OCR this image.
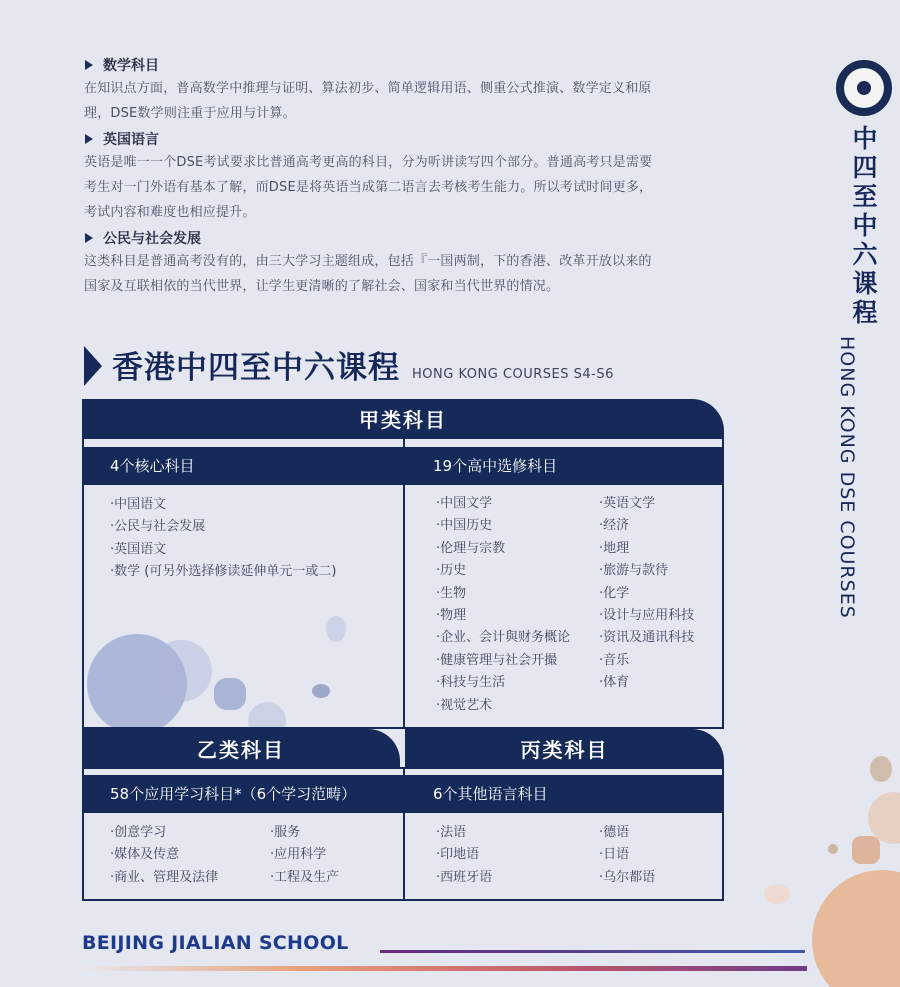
数学科目
在知识点方面，普高数学中推理与证明、算法初步、简单逻辑用语、侧重公式推演、数学定义和原
理，DSE数学则注重于应用与计算。
英国语言
英语是唯一一个DSE考试要求比普通高考更高的科目，分为听讲读写四个部分。普通高考只是需要
考生对一门外语有基本了解，而DSE是将英语当成第二语言去考核考生能力。所以考试时间更多，
考试内容和难度也相应提升。
公民与社会发展
这类科目是普通高考没有的，由三大学习主题组成，包括『一国两制，下的香港、改革开放以来的
国家及互联相依的当代世界，让学生更清晰的了解社会、国家和当代世界的情况。
香港中四至中六课程 HONG KONG COURSES S4-S6
中
四
至
中
六
课
程
HONG KONG DSE COURSES
甲类科目
4个核心科目
·中国语文
·公民与社会发展
·英国语文
·数学 (可另外选择修读延伸单元一或二)
19个高中选修科目
·中国文学
·中国历史
·伦理与宗教
·历史
·生物
·物理
·企业、会计與财务概论
·健康管理与社会开撮
·科技与生活
·视觉艺术
·英语文学
·经济
·地理
·旅游与款待
·化学
·设计与应用科技
·资讯及通讯科技
·音乐
·体育
乙类科目
58个应用学习科目*（6个学习范畴）
·创意学习
·媒体及传意
·商业、管理及法律
·服务
·应用科学
·工程及生产
丙类科目
6个其他语言科目
·法语
·印地语
·西班牙语
·德语
·日语
·乌尔都语
BEIJING JIALIAN SCHOOL
